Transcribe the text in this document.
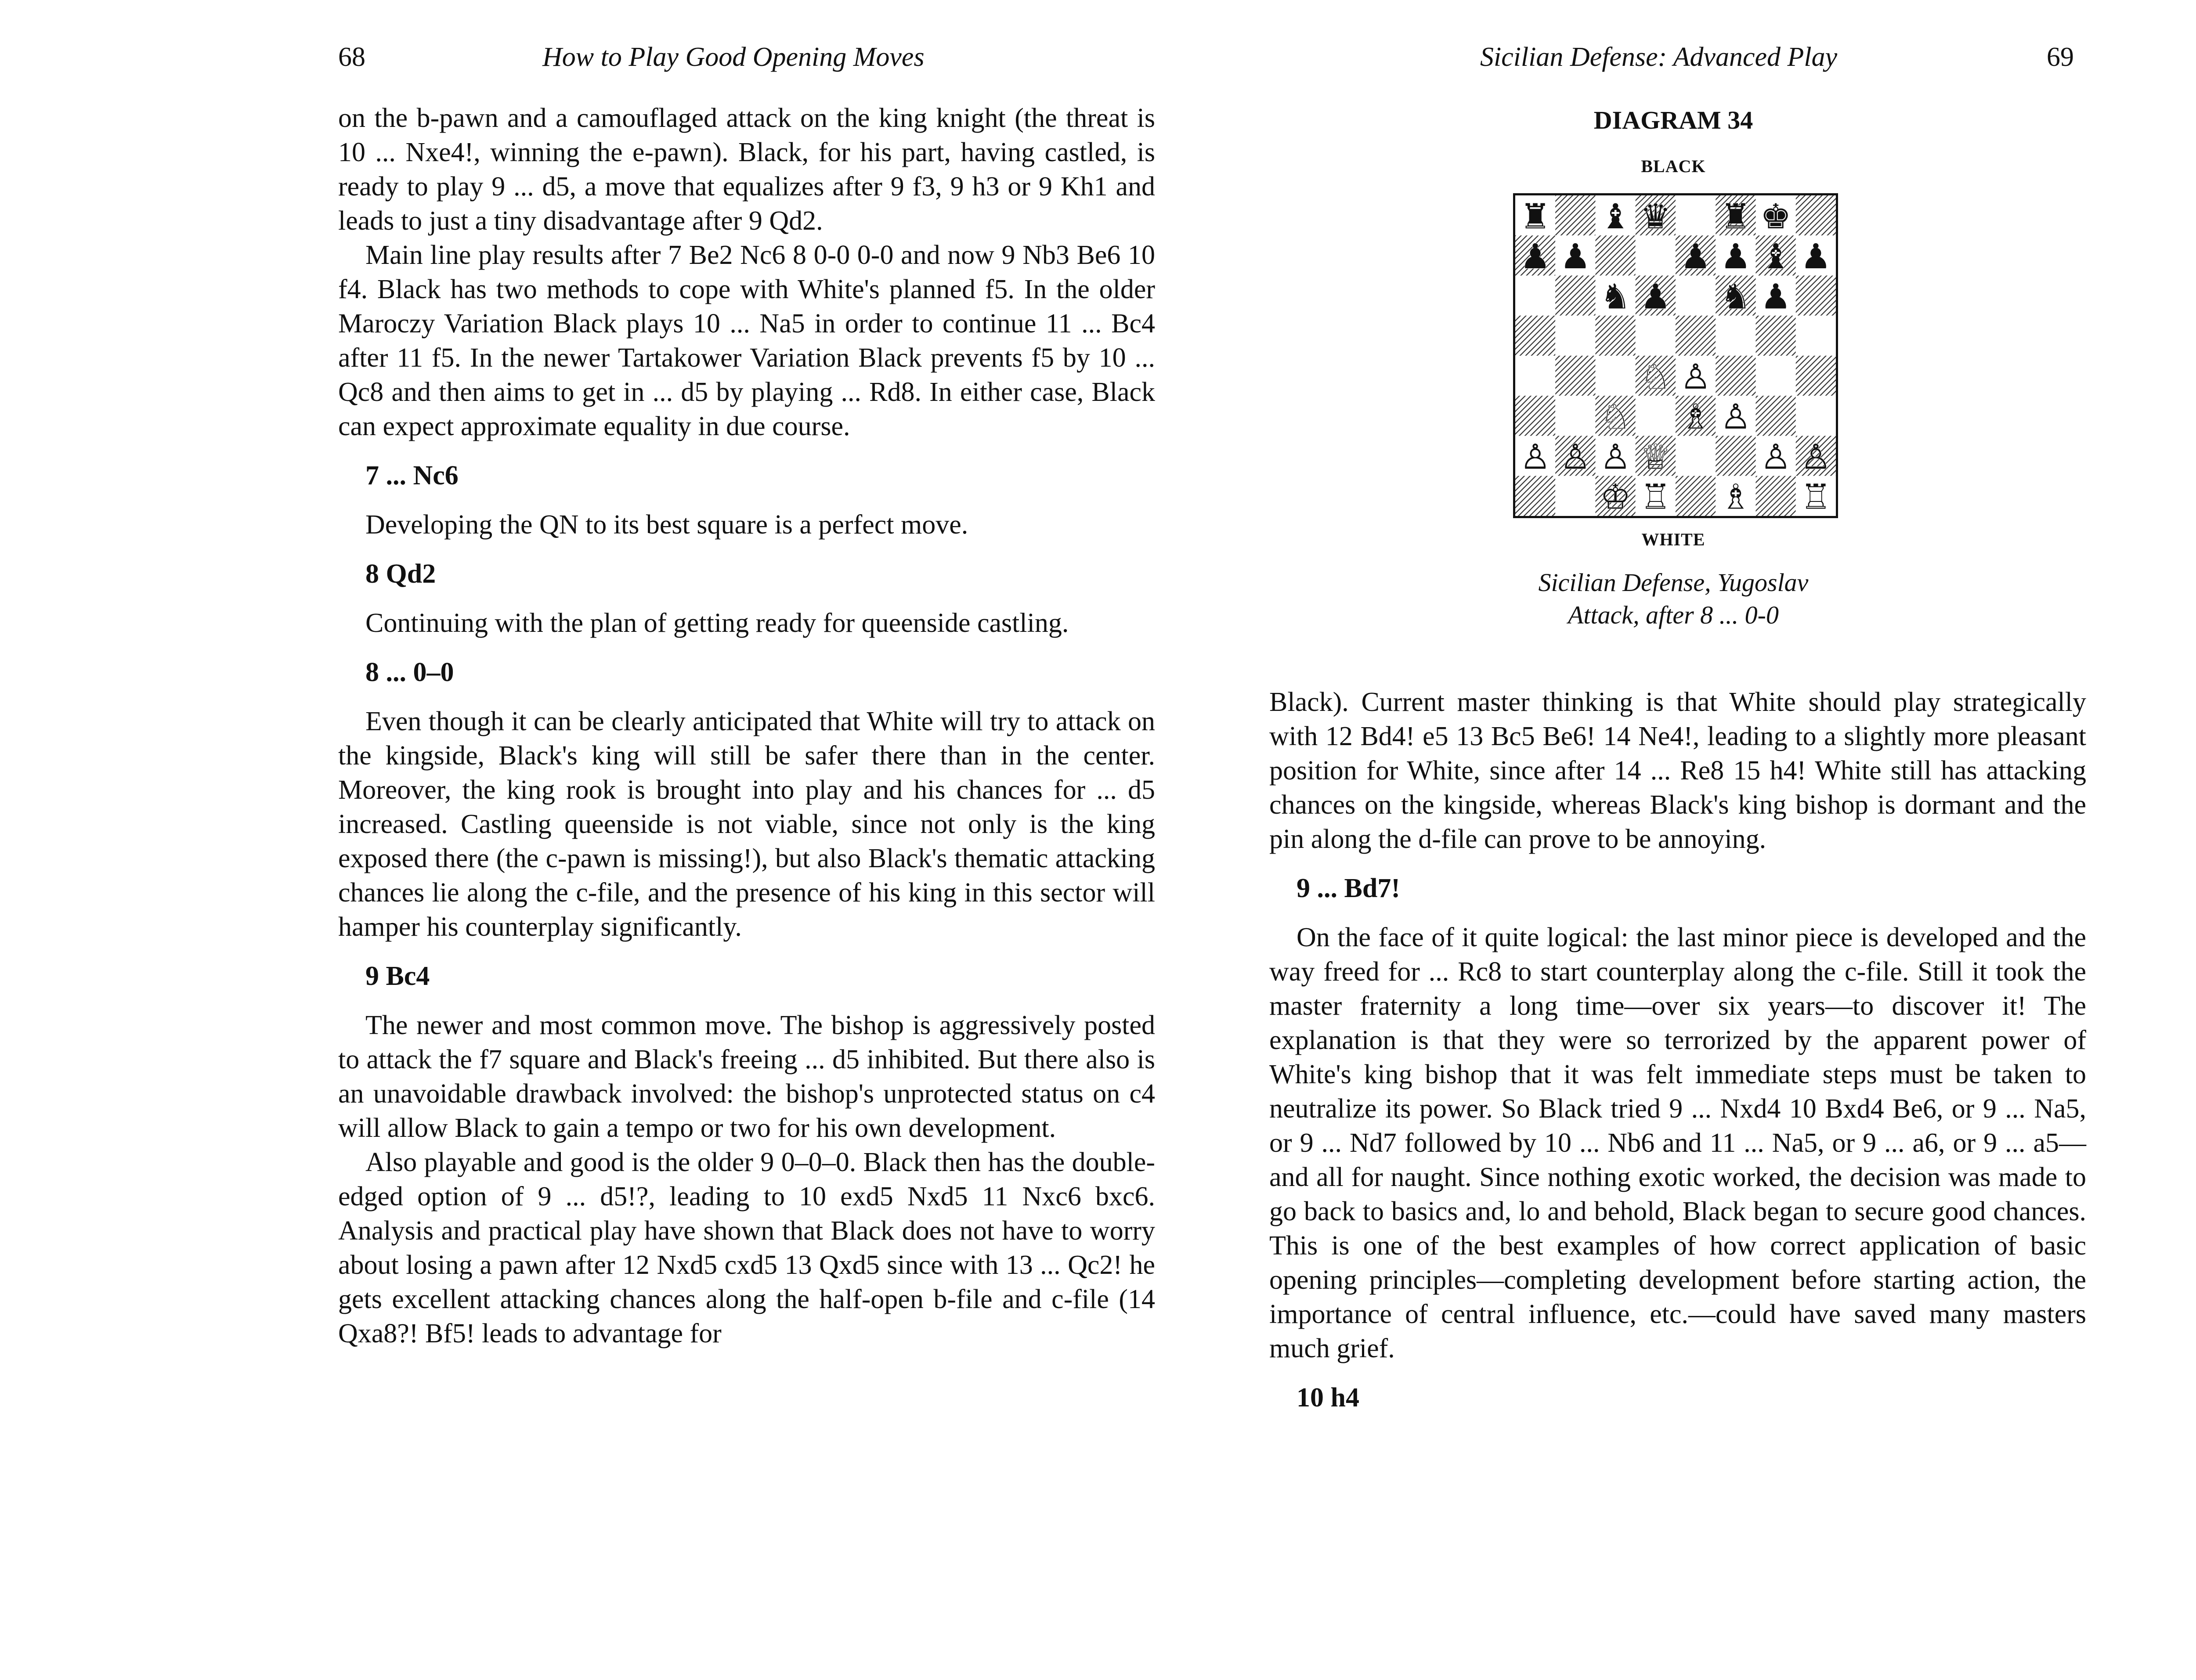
68	How to Play Good Opening Moves	Sicilian Defense: Advanced Play	69

on the b-pawn and a camouflaged attack on the king knight (the threat is 10 ... Nxe4!, winning the e-pawn). Black, for his part, having castled, is ready to play 9 ... d5, a move that equalizes after 9 f3, 9 h3 or 9 Kh1 and leads to just a tiny disadvantage after 9 Qd2.

Main line play results after 7 Be2 Nc6 8 0-0 0-0 and now 9 Nb3 Be6 10 f4. Black has two methods to cope with White's planned f5. In the older Maroczy Variation Black plays 10 ... Na5 in order to continue 11 ... Bc4 after 11 f5. In the newer Tartakower Variation Black prevents f5 by 10 ... Qc8 and then aims to get in ... d5 by playing ... Rd8. In either case, Black can expect approximate equality in due course.

7 ... Nc6

Developing the QN to its best square is a perfect move.

8 Qd2

Continuing with the plan of getting ready for queenside castling.

8 ... 0–0

Even though it can be clearly anticipated that White will try to attack on the kingside, Black's king will still be safer there than in the center. Moreover, the king rook is brought into play and his chances for ... d5 increased. Castling queenside is not viable, since not only is the king exposed there (the c-pawn is missing!), but also Black's thematic attacking chances lie along the c-file, and the presence of his king in this sector will hamper his counterplay significantly.

9 Bc4

The newer and most common move. The bishop is aggressively posted to attack the f7 square and Black's freeing ... d5 inhibited. But there also is an unavoidable drawback involved: the bishop's unprotected status on c4 will allow Black to gain a tempo or two for his own development.

Also playable and good is the older 9 0–0–0. Black then has the double-edged option of 9 ... d5!?, leading to 10 exd5 Nxd5 11 Nxc6 bxc6. Analysis and practical play have shown that Black does not have to worry about losing a pawn after 12 Nxd5 cxd5 13 Qxd5 since with 13 ... Qc2! he gets excellent attacking chances along the half-open b-file and c-file (14 Qxa8?! Bf5! leads to advantage for

DIAGRAM 34
BLACK
♜ ♝ ♛ ♜ ♚
♟ ♟ ♟ ♟ ♝ ♟
♞ ♟ ♞ ♟
♘ ♙
♘ ♗ ♙
♙ ♙ ♙ ♕ ♙ ♙
♔ ♖ ♗ ♖
WHITE
Sicilian Defense, Yugoslav
Attack, after 8 ... 0-0

Black). Current master thinking is that White should play strategically with 12 Bd4! e5 13 Bc5 Be6! 14 Ne4!, leading to a slightly more pleasant position for White, since after 14 ... Re8 15 h4! White still has attacking chances on the kingside, whereas Black's king bishop is dormant and the pin along the d-file can prove to be annoying.

9 ... Bd7!

On the face of it quite logical: the last minor piece is developed and the way freed for ... Rc8 to start counterplay along the c-file. Still it took the master fraternity a long time—over six years—to discover it! The explanation is that they were so terrorized by the apparent power of White's king bishop that it was felt immediate steps must be taken to neutralize its power. So Black tried 9 ... Nxd4 10 Bxd4 Be6, or 9 ... Na5, or 9 ... Nd7 followed by 10 ... Nb6 and 11 ... Na5, or 9 ... a6, or 9 ... a5—and all for naught. Since nothing exotic worked, the decision was made to go back to basics and, lo and behold, Black began to secure good chances. This is one of the best examples of how correct application of basic opening principles—completing development before starting action, the importance of central influence, etc.—could have saved many masters much grief.

10 h4
